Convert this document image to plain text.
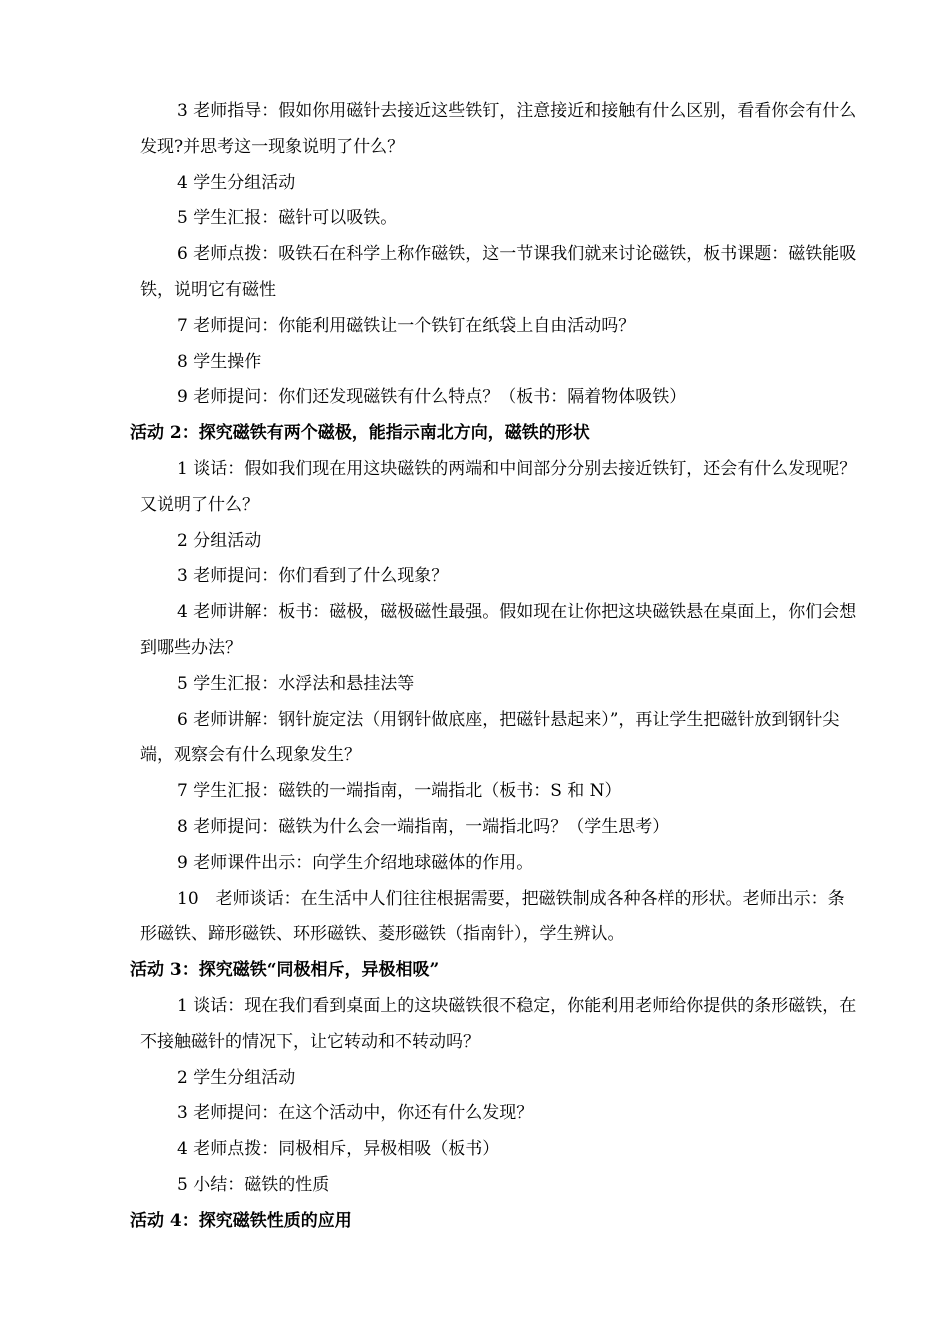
3 老师指导：假如你用磁针去接近这些铁钉，注意接近和接触有什么区别，看看你会有什么发现?并思考这一现象说明了什么？

4 学生分组活动

5 学生汇报：磁针可以吸铁。

6 老师点拨：吸铁石在科学上称作磁铁，这一节课我们就来讨论磁铁，板书课题：磁铁能吸铁，说明它有磁性

7 老师提问：你能利用磁铁让一个铁钉在纸袋上自由活动吗？

8 学生操作

9 老师提问：你们还发现磁铁有什么特点？（板书：隔着物体吸铁）

活动 2：探究磁铁有两个磁极，能指示南北方向，磁铁的形状

1 谈话：假如我们现在用这块磁铁的两端和中间部分分别去接近铁钉，还会有什么发现呢？又说明了什么？

2 分组活动

3 老师提问：你们看到了什么现象？

4 老师讲解：板书：磁极，磁极磁性最强。假如现在让你把这块磁铁悬在桌面上，你们会想到哪些办法？

5 学生汇报：水浮法和悬挂法等

6 老师讲解：钢针旋定法（用钢针做底座，把磁针悬起来）”，再让学生把磁针放到钢针尖端，观察会有什么现象发生？

7 学生汇报：磁铁的一端指南，一端指北（板书：S 和 N）

8 老师提问：磁铁为什么会一端指南，一端指北吗？（学生思考）

9 老师课件出示：向学生介绍地球磁体的作用。

10　老师谈话：在生活中人们往往根据需要，把磁铁制成各种各样的形状。老师出示：条形磁铁、蹄形磁铁、环形磁铁、菱形磁铁（指南针），学生辨认。

活动 3：探究磁铁“同极相斥，异极相吸”

1 谈话：现在我们看到桌面上的这块磁铁很不稳定，你能利用老师给你提供的条形磁铁，在不接触磁针的情况下，让它转动和不转动吗？

2 学生分组活动

3 老师提问：在这个活动中，你还有什么发现？

4 老师点拨：同极相斥，异极相吸（板书）

5 小结：磁铁的性质

活动 4：探究磁铁性质的应用
